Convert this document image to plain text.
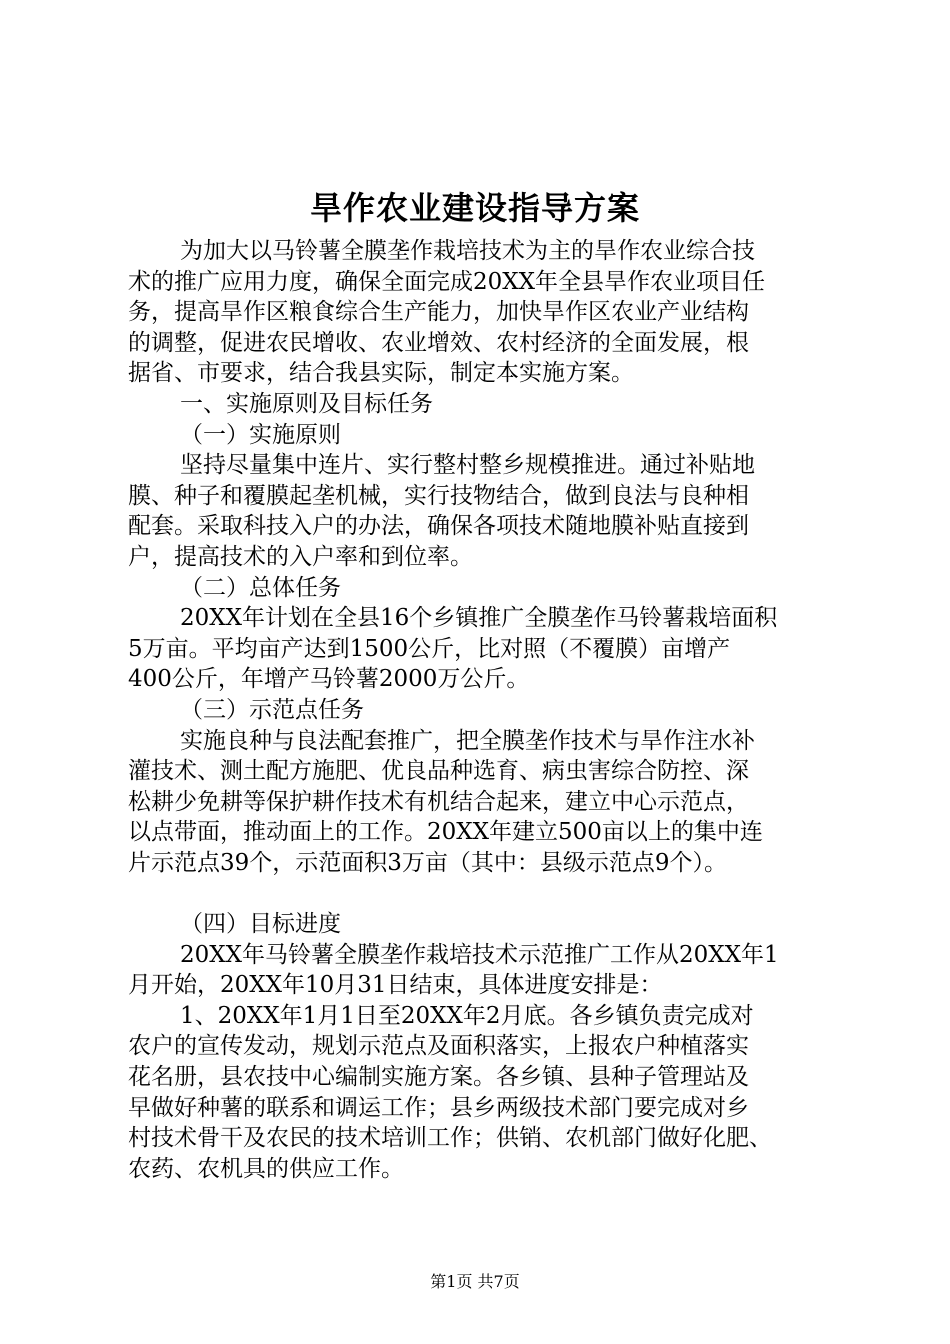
旱作农业建设指导方案
为加大以马铃薯全膜垄作栽培技术为主的旱作农业综合技
术的推广应用力度，确保全面完成20XX年全县旱作农业项目任
务，提高旱作区粮食综合生产能力，加快旱作区农业产业结构
的调整，促进农民增收、农业增效、农村经济的全面发展，根
据省、市要求，结合我县实际，制定本实施方案。
一、实施原则及目标任务
（一）实施原则
坚持尽量集中连片、实行整村整乡规模推进。通过补贴地
膜、种子和覆膜起垄机械，实行技物结合，做到良法与良种相
配套。采取科技入户的办法，确保各项技术随地膜补贴直接到
户，提高技术的入户率和到位率。
（二）总体任务
20XX年计划在全县16个乡镇推广全膜垄作马铃薯栽培面积
5万亩。平均亩产达到1500公斤，比对照（不覆膜）亩增产
400公斤，年增产马铃薯2000万公斤。
（三）示范点任务
实施良种与良法配套推广，把全膜垄作技术与旱作注水补
灌技术、测土配方施肥、优良品种选育、病虫害综合防控、深
松耕少免耕等保护耕作技术有机结合起来，建立中心示范点，
以点带面，推动面上的工作。20XX年建立500亩以上的集中连
片示范点39个，示范面积3万亩（其中：县级示范点9个）。

（四）目标进度
20XX年马铃薯全膜垄作栽培技术示范推广工作从20XX年1
月开始，20XX年10月31日结束，具体进度安排是：
1、20XX年1月1日至20XX年2月底。各乡镇负责完成对
农户的宣传发动，规划示范点及面积落实，上报农户种植落实
花名册，县农技中心编制实施方案。各乡镇、县种子管理站及
早做好种薯的联系和调运工作；县乡两级技术部门要完成对乡
村技术骨干及农民的技术培训工作；供销、农机部门做好化肥、
农药、农机具的供应工作。
第1页 共7页
